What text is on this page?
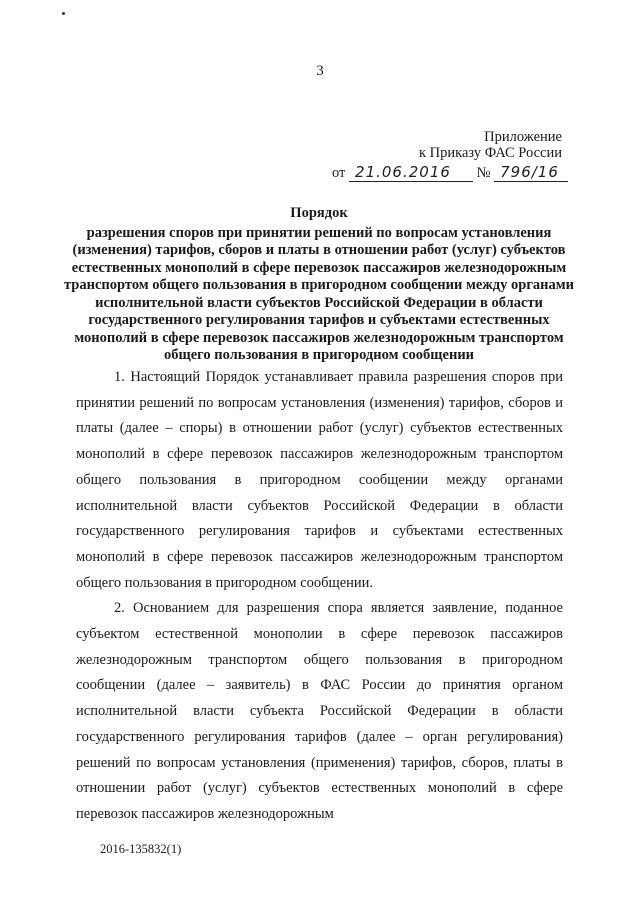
3
Приложение
к Приказу ФАС России
от 21.06.2016 № 796/16
Порядок
разрешения споров при принятии решений по вопросам установления (изменения) тарифов, сборов и платы в отношении работ (услуг) субъектов естественных монополий в сфере перевозок пассажиров железнодорожным транспортом общего пользования в пригородном сообщении между органами исполнительной власти субъектов Российской Федерации в области государственного регулирования тарифов и субъектами естественных монополий в сфере перевозок пассажиров железнодорожным транспортом общего пользования в пригородном сообщении

1. Настоящий Порядок устанавливает правила разрешения споров при принятии решений по вопросам установления (изменения) тарифов, сборов и платы (далее – споры) в отношении работ (услуг) субъектов естественных монополий в сфере перевозок пассажиров железнодорожным транспортом общего пользования в пригородном сообщении между органами исполнительной власти субъектов Российской Федерации в области государственного регулирования тарифов и субъектами естественных монополий в сфере перевозок пассажиров железнодорожным транспортом общего пользования в пригородном сообщении.

2. Основанием для разрешения спора является заявление, поданное субъектом естественной монополии в сфере перевозок пассажиров железнодорожным транспортом общего пользования в пригородном сообщении (далее – заявитель) в ФАС России до принятия органом исполнительной власти субъекта Российской Федерации в области государственного регулирования тарифов (далее – орган регулирования) решений по вопросам установления (применения) тарифов, сборов, платы в отношении работ (услуг) субъектов естественных монополий в сфере перевозок пассажиров железнодорожным

2016-135832(1)
